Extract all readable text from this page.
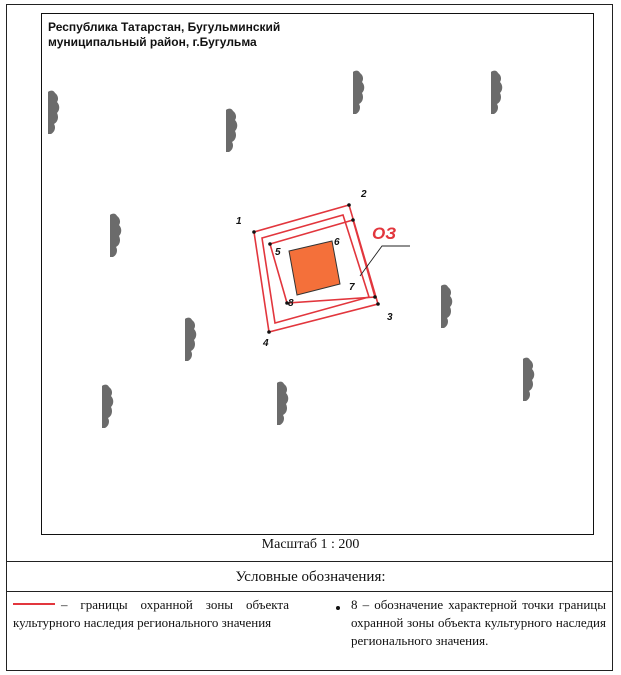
Республика Татарстан, Бугульминский муниципальный район, г.Бугульма
1
2
3
4
5
6
7
8
ОЗ
Масштаб 1 : 200
Условные обозначения:
– границы охранной зоны объекта культурного наследия регионального значения
8 – обозначение характерной точки границы охранной зоны объекта культурного наследия регионального значения.
